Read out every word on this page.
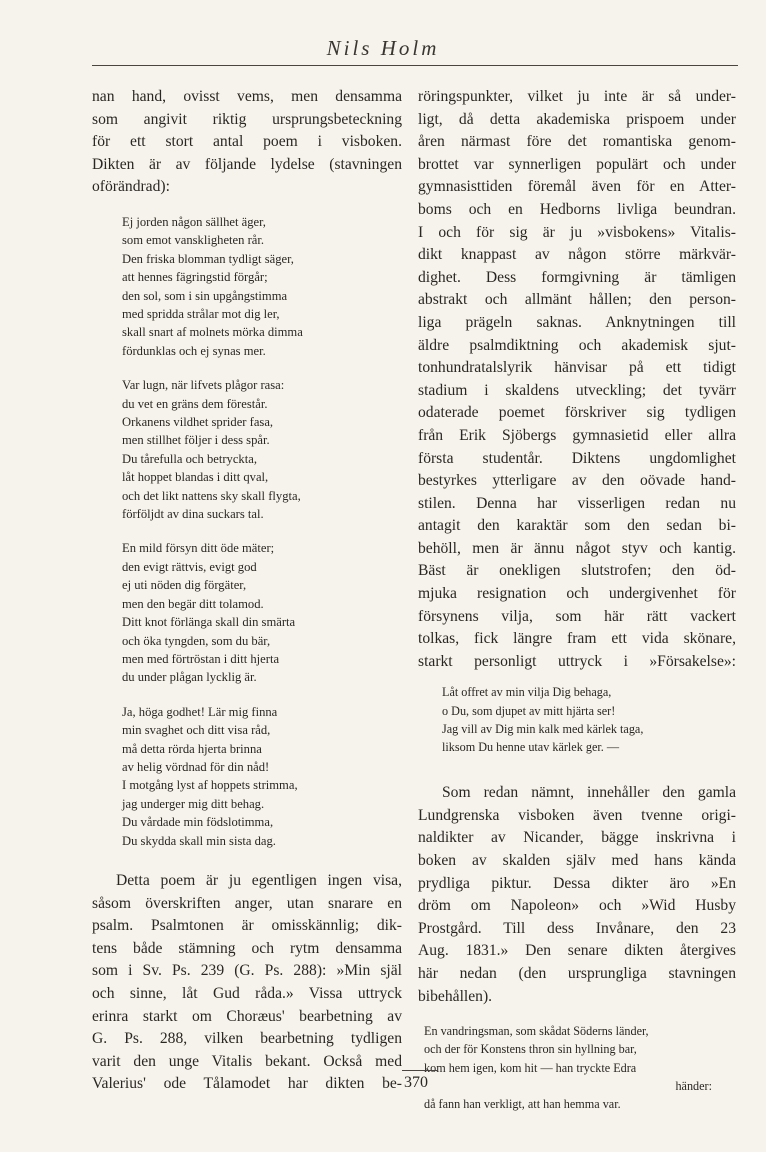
Nils Holm

nan hand, ovisst vems, men densamma
som angivit riktig ursprungsbeteckning
för ett stort antal poem i visboken.
Dikten är av följande lydelse (stavningen
oförändrad):

Ej jorden någon sällhet äger,
som emot vanskligheten rår.
Den friska blomman tydligt säger,
att hennes fägringstid förgår;
den sol, som i sin upgångstimma
med spridda strålar mot dig ler,
skall snart af molnets mörka dimma
fördunklas och ej synas mer.
Var lugn, när lifvets plågor rasa:
du vet en gräns dem förestår.
Orkanens vildhet sprider fasa,
men stillhet följer i dess spår.
Du tårefulla och betryckta,
låt hoppet blandas i ditt qval,
och det likt nattens sky skall flygta,
förföljdt av dina suckars tal.
En mild försyn ditt öde mäter;
den evigt rättvis, evigt god
ej uti nöden dig förgäter,
men den begär ditt tolamod.
Ditt knot förlänga skall din smärta
och öka tyngden, som du bär,
men med förtröstan i ditt hjerta
du under plågan lycklig är.
Ja, höga godhet! Lär mig finna
min svaghet och ditt visa råd,
må detta rörda hjerta brinna
av helig vördnad för din nåd!
I motgång lyst af hoppets strimma,
jag underger mig ditt behag.
Du vårdade min födslotimma,
Du skydda skall min sista dag.

Detta poem är ju egentligen ingen visa,
såsom överskriften anger, utan snarare en
psalm. Psalmtonen är omisskännlig; dik-
tens både stämning och rytm densamma
som i Sv. Ps. 239 (G. Ps. 288): »Min själ
och sinne, låt Gud råda.» Vissa uttryck
erinra starkt om Choræus' bearbetning av
G. Ps. 288, vilken bearbetning tydligen
varit den unge Vitalis bekant. Också med
Valerius' ode Tålamodet har dikten be-

röringspunkter, vilket ju inte är så under-
ligt, då detta akademiska prispoem under
åren närmast före det romantiska genom-
brottet var synnerligen populärt och under
gymnasisttiden föremål även för en Atter-
boms och en Hedborns livliga beundran.
I och för sig är ju »visbokens» Vitalis-
dikt knappast av någon större märkvär-
dighet. Dess formgivning är tämligen
abstrakt och allmänt hållen; den person-
liga prägeln saknas. Anknytningen till
äldre psalmdiktning och akademisk sjut-
tonhundratalslyrik hänvisar på ett tidigt
stadium i skaldens utveckling; det tyvärr
odaterade poemet förskriver sig tydligen
från Erik Sjöbergs gymnasietid eller allra
första studentår. Diktens ungdomlighet
bestyrkes ytterligare av den oövade hand-
stilen. Denna har visserligen redan nu
antagit den karaktär som den sedan bi-
behöll, men är ännu något styv och kantig.
Bäst är onekligen slutstrofen; den öd-
mjuka resignation och undergivenhet för
försynens vilja, som här rätt vackert
tolkas, fick längre fram ett vida skönare,
starkt personligt uttryck i »Försakelse»:

Låt offret av min vilja Dig behaga,
o Du, som djupet av mitt hjärta ser!
Jag vill av Dig min kalk med kärlek taga,
liksom Du henne utav kärlek ger. —

Som redan nämnt, innehåller den gamla
Lundgrenska visboken även tvenne origi-
naldikter av Nicander, bägge inskrivna i
boken av skalden själv med hans kända
prydliga piktur. Dessa dikter äro »En
dröm om Napoleon» och »Wid Husby
Prostgård. Till dess Invånare, den 23
Aug. 1831.» Den senare dikten återgives
här nedan (den ursprungliga stavningen
bibehållen).

En vandringsman, som skådat Söderns länder,
och der för Konstens thron sin hyllning bar,
kom hem igen, kom hit — han tryckte Edra
händer:
då fann han verkligt, att han hemma var.
370
